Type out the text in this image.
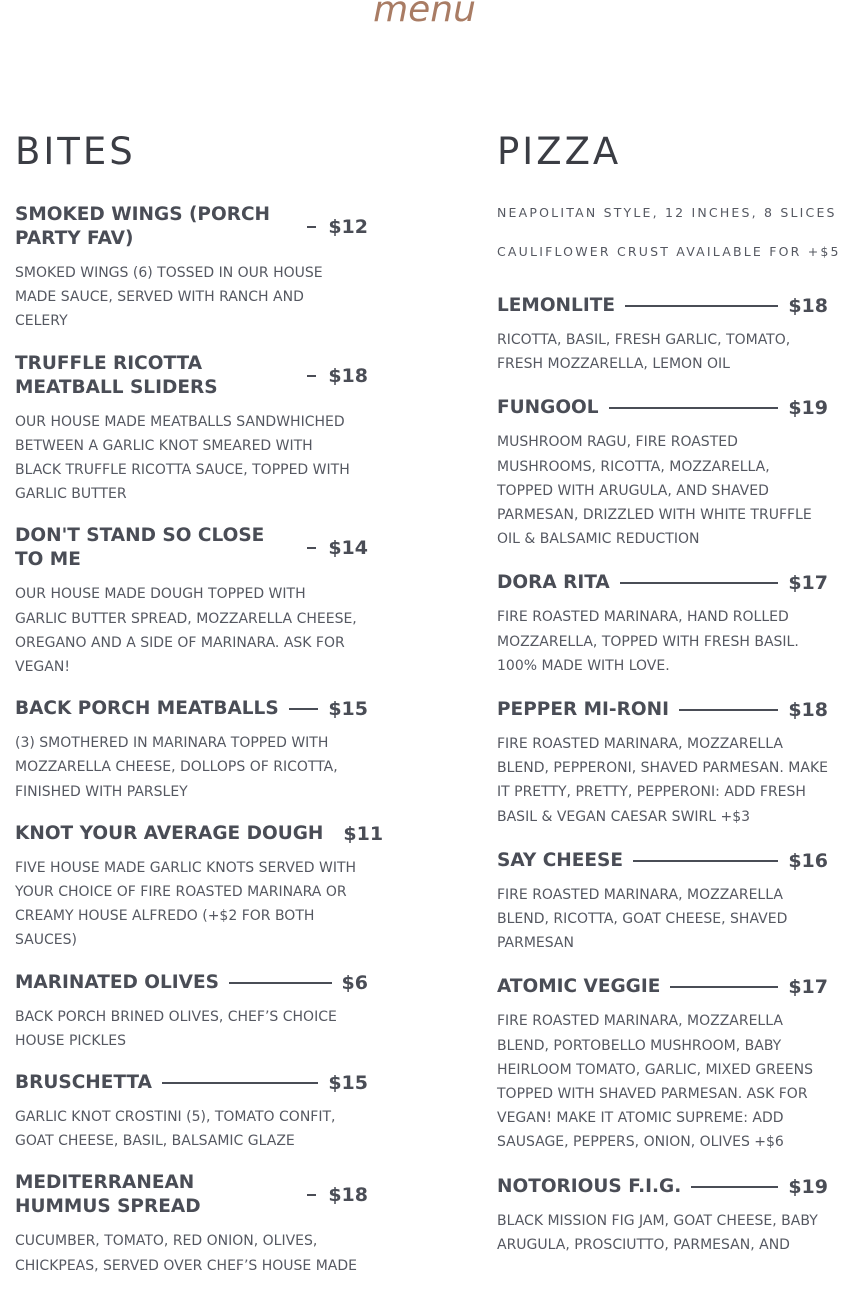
menu
BITES
SMOKED WINGS (PORCH PARTY FAV)
$12
SMOKED WINGS (6) TOSSED IN OUR HOUSE MADE SAUCE, SERVED WITH RANCH AND CELERY
TRUFFLE RICOTTA MEATBALL SLIDERS
$18
OUR HOUSE MADE MEATBALLS SANDWHICHED BETWEEN A GARLIC KNOT SMEARED WITH BLACK TRUFFLE RICOTTA SAUCE, TOPPED WITH GARLIC BUTTER
DON'T STAND SO CLOSE TO ME
$14
OUR HOUSE MADE DOUGH TOPPED WITH GARLIC BUTTER SPREAD, MOZZARELLA CHEESE, OREGANO AND A SIDE OF MARINARA. ASK FOR VEGAN!
BACK PORCH MEATBALLS	$15
(3) SMOTHERED IN MARINARA TOPPED WITH MOZZARELLA CHEESE, DOLLOPS OF RICOTTA, FINISHED WITH PARSLEY
KNOT YOUR AVERAGE DOUGH $11
FIVE HOUSE MADE GARLIC KNOTS SERVED WITH YOUR CHOICE OF FIRE ROASTED MARINARA OR CREAMY HOUSE ALFREDO (+$2 FOR BOTH SAUCES)
MARINATED OLIVES	$6
BACK PORCH BRINED OLIVES, CHEF’S CHOICE HOUSE PICKLES
BRUSCHETTA	$15
GARLIC KNOT CROSTINI (5), TOMATO CONFIT, GOAT CHEESE, BASIL, BALSAMIC GLAZE
MEDITERRANEAN HUMMUS SPREAD
$18
CUCUMBER, TOMATO, RED ONION, OLIVES, CHICKPEAS, SERVED OVER CHEF’S HOUSE MADE
PIZZA
NEAPOLITAN STYLE, 12 INCHES, 8 SLICES
CAULIFLOWER CRUST AVAILABLE FOR +$5
LEMONLITE	$18
RICOTTA, BASIL, FRESH GARLIC, TOMATO, FRESH MOZZARELLA, LEMON OIL
FUNGOOL	$19
MUSHROOM RAGU, FIRE ROASTED MUSHROOMS, RICOTTA, MOZZARELLA, TOPPED WITH ARUGULA, AND SHAVED PARMESAN, DRIZZLED WITH WHITE TRUFFLE OIL & BALSAMIC REDUCTION
DORA RITA	$17
FIRE ROASTED MARINARA, HAND ROLLED MOZZARELLA, TOPPED WITH FRESH BASIL. 100% MADE WITH LOVE.
PEPPER MI-RONI	$18
FIRE ROASTED MARINARA, MOZZARELLA BLEND, PEPPERONI, SHAVED PARMESAN. MAKE IT PRETTY, PRETTY, PEPPERONI: ADD FRESH BASIL & VEGAN CAESAR SWIRL +$3
SAY CHEESE	$16
FIRE ROASTED MARINARA, MOZZARELLA BLEND, RICOTTA, GOAT CHEESE, SHAVED PARMESAN
ATOMIC VEGGIE	$17
FIRE ROASTED MARINARA, MOZZARELLA BLEND, PORTOBELLO MUSHROOM, BABY HEIRLOOM TOMATO, GARLIC, MIXED GREENS TOPPED WITH SHAVED PARMESAN. ASK FOR VEGAN! MAKE IT ATOMIC SUPREME: ADD SAUSAGE, PEPPERS, ONION, OLIVES +$6
NOTORIOUS F.I.G.	$19
BLACK MISSION FIG JAM, GOAT CHEESE, BABY ARUGULA, PROSCIUTTO, PARMESAN, AND
